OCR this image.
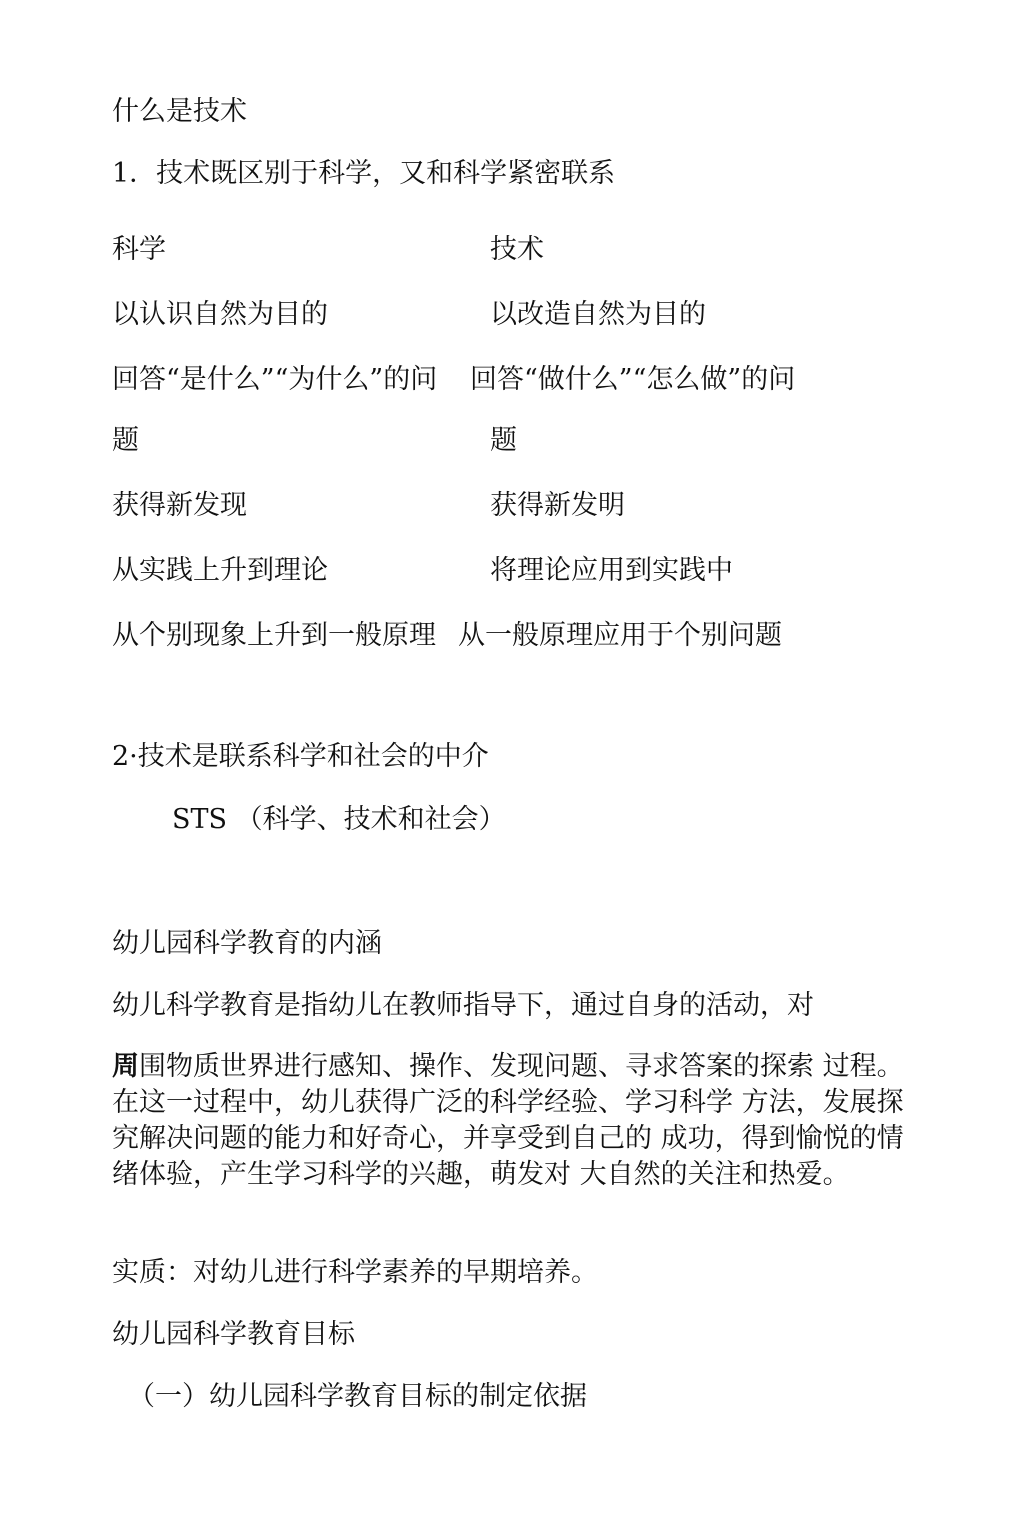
什么是技术
1．技术既区别于科学，又和科学紧密联系
科学	技术
以认识自然为目的	以改造自然为目的
回答“是什么”“为什么”的问 回答“做什么”“怎么做”的问
题	题
获得新发现	获得新发明
从实践上升到理论	将理论应用到实践中
从个别现象上升到一般原理 从一般原理应用于个别问题
2·技术是联系科学和社会的中介
STS （科学、技术和社会）
幼儿园科学教育的内涵
幼儿科学教育是指幼儿在教师指导下，通过自身的活动，对
周围物质世界进行感知、操作、发现问题、寻求答案的探索 过程。在这一过程中，幼儿获得广泛的科学经验、学习科学 方法，发展探究解决问题的能力和好奇心，并享受到自己的 成功，得到愉悦的情绪体验，产生学习科学的兴趣，萌发对 大自然的关注和热爱。
实质：对幼儿进行科学素养的早期培养。
幼儿园科学教育目标
（一）幼儿园科学教育目标的制定依据
